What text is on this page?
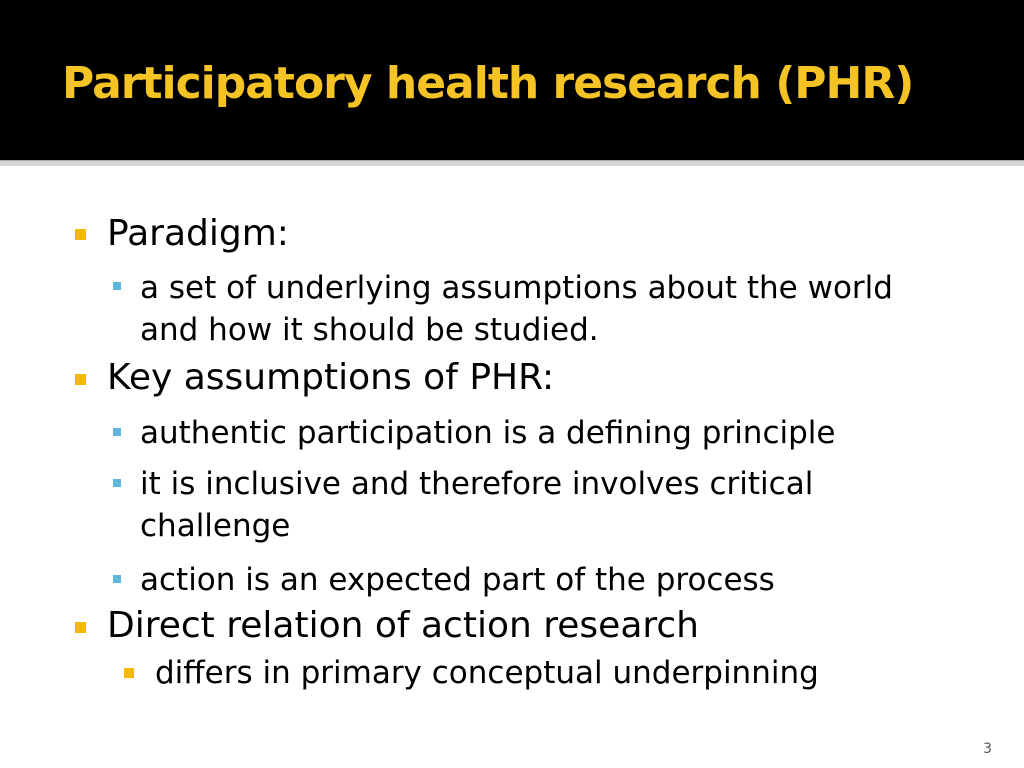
Participatory health research (PHR)
Paradigm:
a set of underlying assumptions about the world
and how it should be studied.
Key assumptions of PHR:
authentic participation is a defining principle
it is inclusive and therefore involves critical
challenge
action is an expected part of the process
Direct relation of action research
differs in primary conceptual underpinning
3
